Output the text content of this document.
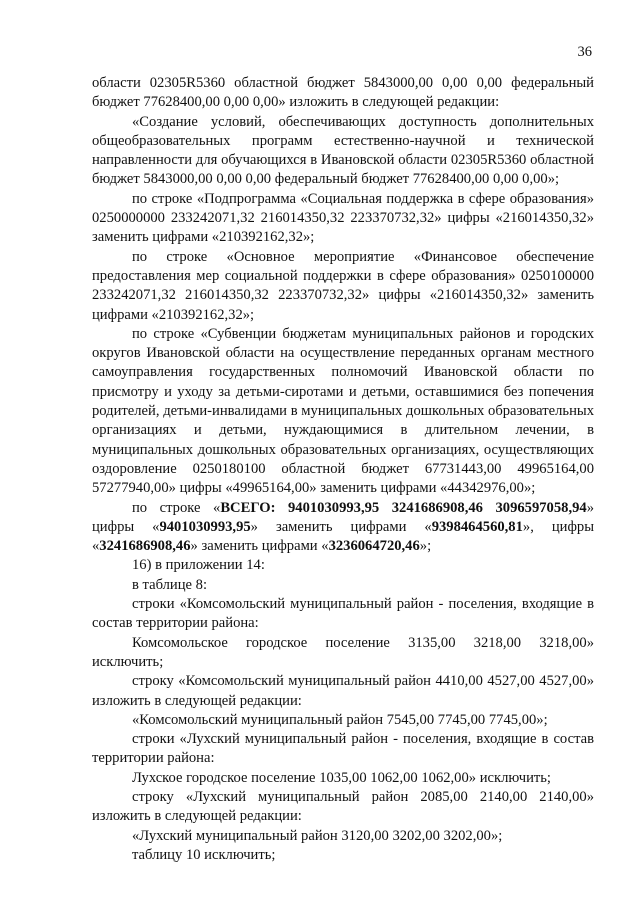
36

области 02305R5360 областной бюджет 5843000,00 0,00 0,00 федеральный бюджет 77628400,00 0,00 0,00» изложить в следующей редакции:

«Создание условий, обеспечивающих доступность дополнительных общеобразовательных программ естественно-научной и технической направленности для обучающихся в Ивановской области 02305R5360 областной бюджет 5843000,00 0,00 0,00 федеральный бюджет 77628400,00 0,00 0,00»;

по строке «Подпрограмма «Социальная поддержка в сфере образования» 0250000000 233242071,32 216014350,32 223370732,32» цифры «216014350,32» заменить цифрами «210392162,32»;

по строке «Основное мероприятие «Финансовое обеспечение предоставления мер социальной поддержки в сфере образования» 0250100000 233242071,32 216014350,32 223370732,32» цифры «216014350,32» заменить цифрами «210392162,32»;

по строке «Субвенции бюджетам муниципальных районов и городских округов Ивановской области на осуществление переданных органам местного самоуправления государственных полномочий Ивановской области по присмотру и уходу за детьми-сиротами и детьми, оставшимися без попечения родителей, детьми-инвалидами в муниципальных дошкольных образовательных организациях и детьми, нуждающимися в длительном лечении, в муниципальных дошкольных образовательных организациях, осуществляющих оздоровление 0250180100 областной бюджет 67731443,00 49965164,00 57277940,00» цифры «49965164,00» заменить цифрами «44342976,00»;

по строке «ВСЕГО: 9401030993,95 3241686908,46 3096597058,94» цифры «9401030993,95» заменить цифрами «9398464560,81», цифры «3241686908,46» заменить цифрами «3236064720,46»;

16) в приложении 14:

в таблице 8:

строки «Комсомольский муниципальный район - поселения, входящие в состав территории района:

Комсомольское городское поселение 3135,00 3218,00 3218,00» исключить;

строку «Комсомольский муниципальный район 4410,00 4527,00 4527,00» изложить в следующей редакции:

«Комсомольский муниципальный район 7545,00 7745,00 7745,00»;

строки «Лухский муниципальный район - поселения, входящие в состав территории района:

Лухское городское поселение 1035,00 1062,00 1062,00» исключить;

строку «Лухский муниципальный район 2085,00 2140,00 2140,00» изложить в следующей редакции:

«Лухский муниципальный район 3120,00 3202,00 3202,00»;

таблицу 10 исключить;
